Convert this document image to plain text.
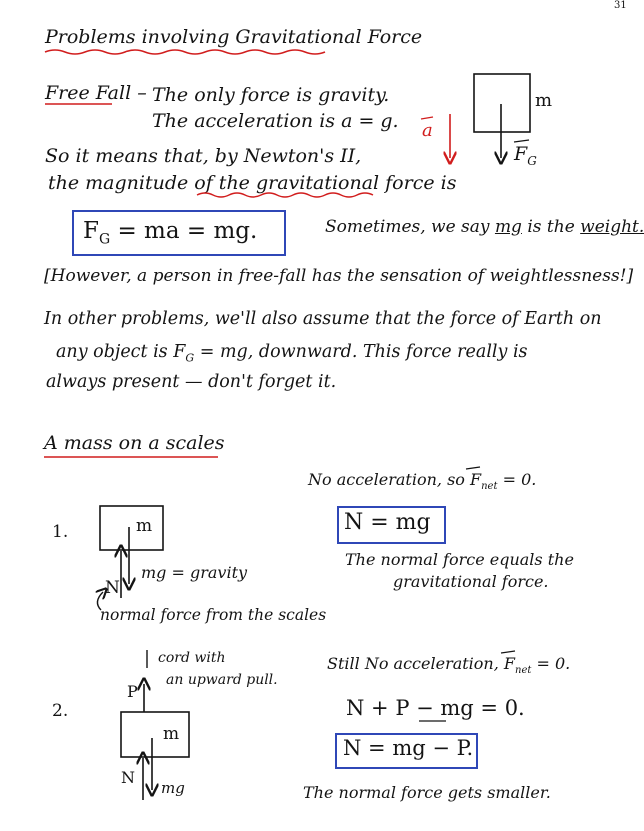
31
Problems involving Gravitational Force
Free Fall – The only force is gravity.
The acceleration is a = g.
So it means that, by Newton's II,
the magnitude of the gravitational force is
m
a
$F_G$
$F_G$ = ma = mg.	Sometimes, we say mg is the weight.
[However, a person in free-fall has the sensation of weightlessness!]
In other problems, we'll also assume that the force of Earth on
any object is $F_G$ = mg, downward. This force really is
always present — don't forget it.
A mass on a scales
No acceleration, so $F_{net} = 0$.
1.	m
mg = gravity
N
normal force from the scales
N = mg
The normal force equals the
gravitational force.
2.
P
cord with
an upward pull.
m
N
mg
Still No acceleration, $F_{net} = 0$.
N + P − mg = 0.
N = mg − P.
The normal force gets smaller.
